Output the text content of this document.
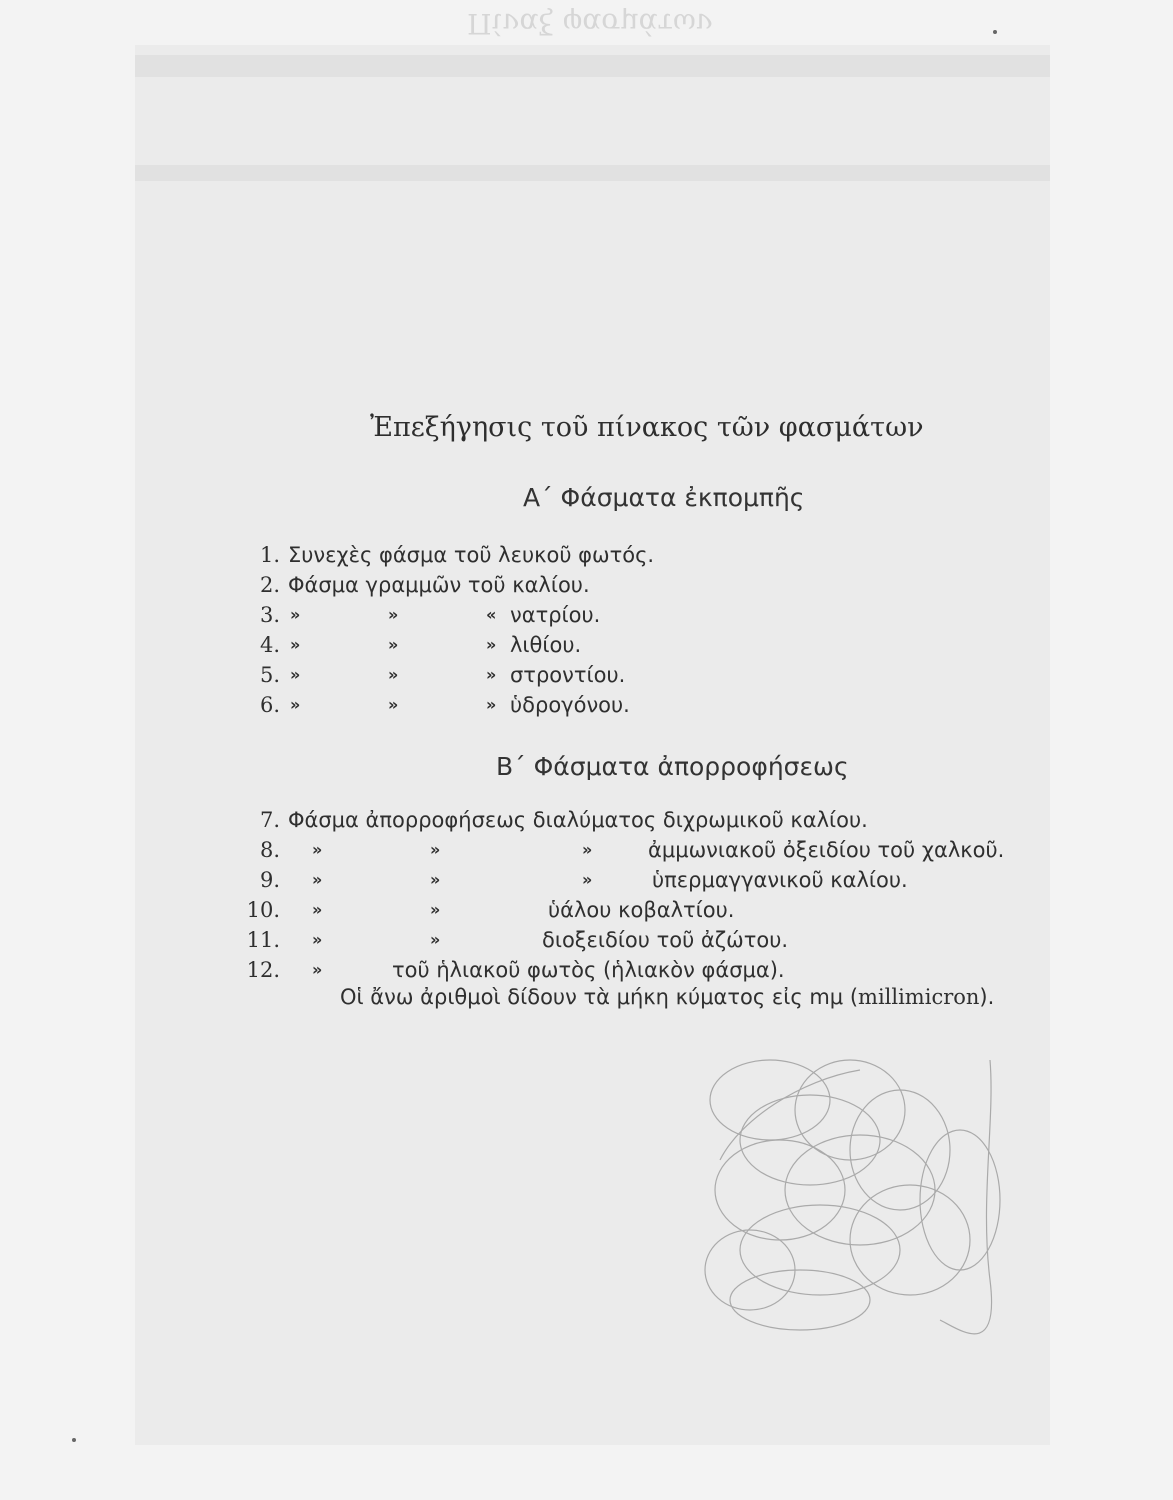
Πίναξ φασμάτων
Ἐπεξήγησις τοῦ πίνακος τῶν φασμάτων
Α΄ Φάσματα ἐκπομπῆς
1. Συνεχὲς φάσμα τοῦ λευκοῦ φωτός.
2. Φάσμα γραμμῶν τοῦ καλίου.
3. »	»	« νατρίου.
4. »	»	» λιθίου.
5. »	»	» στροντίου.
6. »	»	» ὑδρογόνου.
Β΄ Φάσματα ἀπορροφήσεως
7. Φάσμα ἀπορροφήσεως διαλύματος διχρωμικοῦ καλίου.
8. »	»	»	ἀμμωνιακοῦ ὀξειδίου τοῦ χαλκοῦ.
9. »	»	»	ὑπερμαγγανικοῦ καλίου.
10. »	»	ὑάλου κοβαλτίου.
11. »	»	διοξειδίου τοῦ ἀζώτου.
12. »	τοῦ ἡλιακοῦ φωτὸς (ἡλιακὸν φάσμα).
Οἱ ἄνω ἀριθμοὶ δίδουν τὰ μήκη κύματος εἰς mμ (millimicron).
